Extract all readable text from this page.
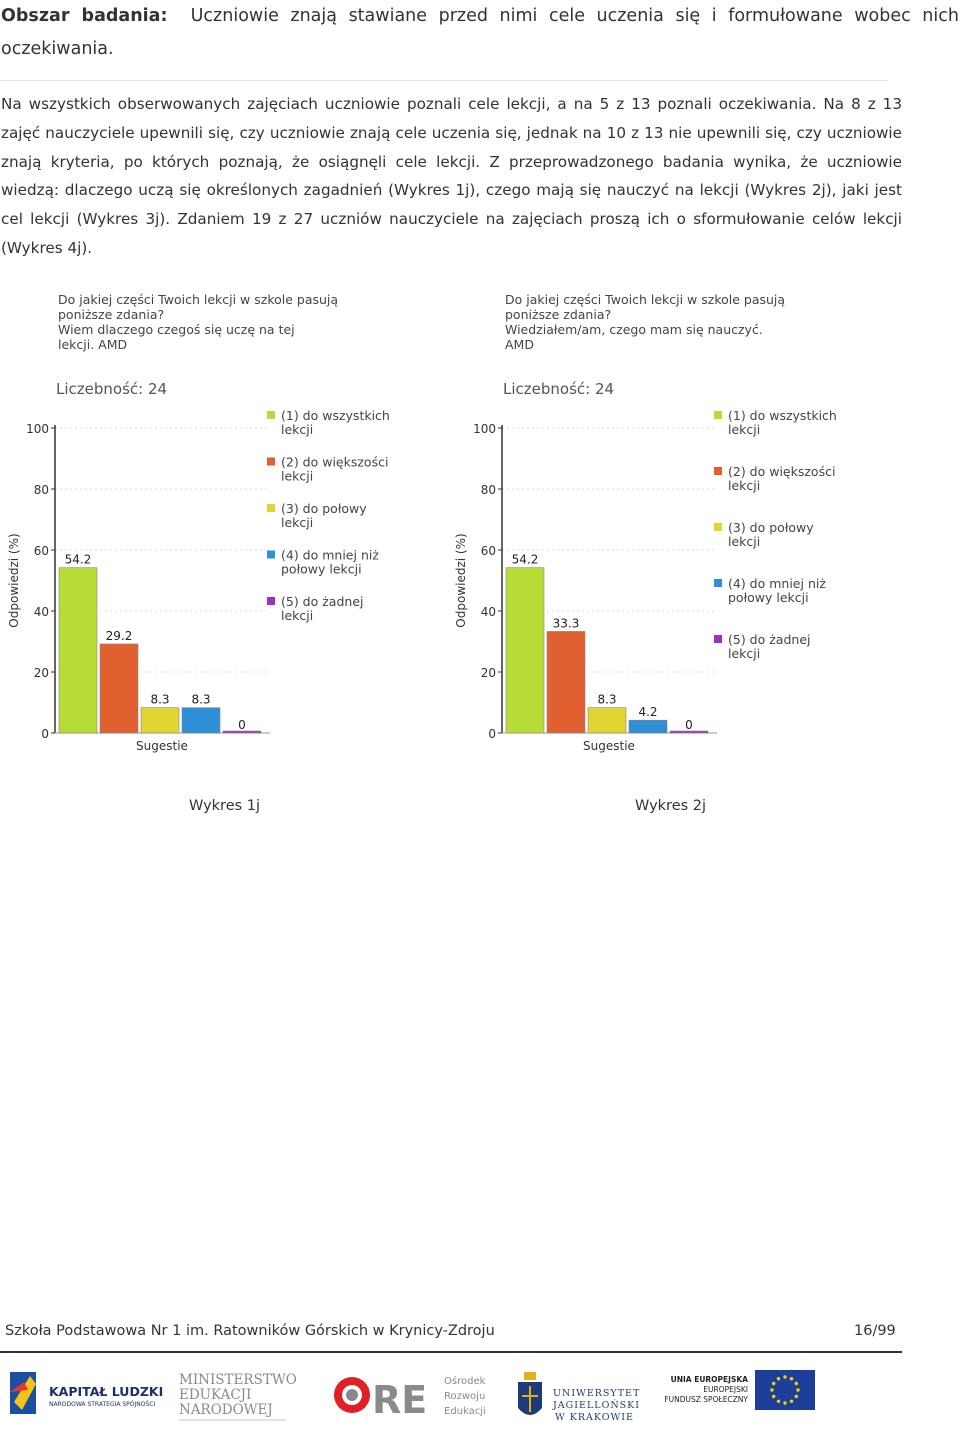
Obszar badania: Uczniowie znają stawiane przed nimi cele uczenia się i formułowane wobec nich oczekiwania.
Na wszystkich obserwowanych zajęciach uczniowie poznali cele lekcji, a na 5 z 13 poznali oczekiwania. Na 8 z 13 zajęć nauczyciele upewnili się, czy uczniowie znają cele uczenia się, jednak na 10 z 13 nie upewnili się, czy uczniowie znają kryteria, po których poznają, że osiągnęli cele lekcji. Z przeprowadzonego badania wynika, że uczniowie wiedzą: dlaczego uczą się określonych zagadnień (Wykres 1j), czego mają się nauczyć na lekcji (Wykres 2j), jaki jest cel lekcji (Wykres 3j). Zdaniem 19 z 27 uczniów nauczyciele na zajęciach proszą ich o sformułowanie celów lekcji (Wykres 4j).
Do jakiej części Twoich lekcji w szkole pasują
poniższe zdania?
Wiem dlaczego czegoś się uczę na tej
lekcji. AMD
Liczebność: 24
0
20
40
60
80
100
Odpowiedzi (%)
Sugestie
54.2
29.2
8.3 8.3
0
(1) do wszystkich
lekcji
(2) do większości
lekcji
(3) do połowy
lekcji
(4) do mniej niż
połowy lekcji
(5) do żadnej
lekcji
Do jakiej części Twoich lekcji w szkole pasują
poniższe zdania?
Wiedziałem/am, czego mam się nauczyć.
AMD
Liczebność: 24
0
20
40
60
80
100
Odpowiedzi (%)
Sugestie
54.2
33.3
8.3
4.2
0
(1) do wszystkich
lekcji
(2) do większości
lekcji
(3) do połowy
lekcji
(4) do mniej niż
połowy lekcji
(5) do żadnej
lekcji
Wykres 1j	Wykres 2j
Szkoła Podstawowa Nr 1 im. Ratowników Górskich w Krynicy-Zdroju	16/99
KAPITAŁ LUDZKI
NARODOWA STRATEGIA SPÓJNOŚCI
MINISTERSTWO
EDUKACJI
NARODOWEJ	RE Ośrodek
Rozwoju
Edukacji
UNIWERSYTET
JAGIELLOŃSKI
W KRAKOWIE
UNIA EUROPEJSKA
EUROPEJSKI
FUNDUSZ SPOŁECZNY
